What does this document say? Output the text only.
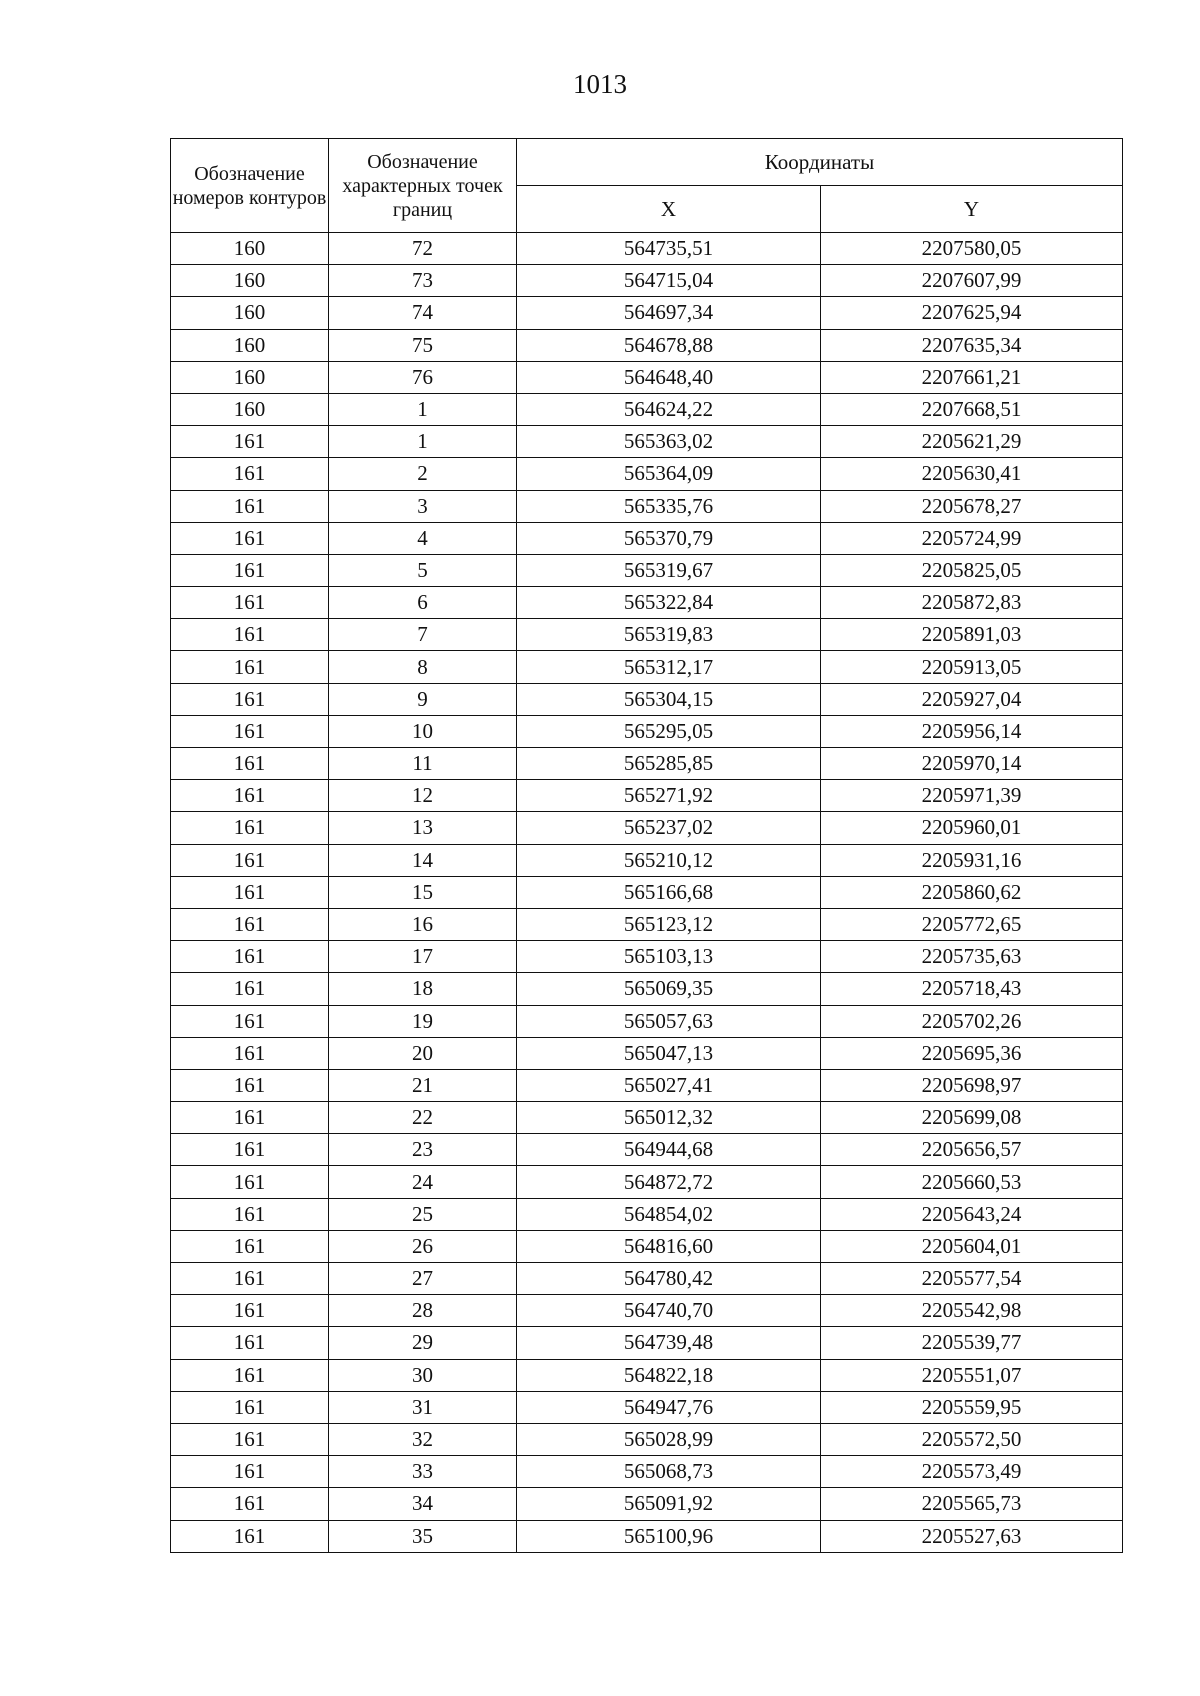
1013
Обозначение номеров контуров	Обозначение характерных точек границ	Координаты	
		X	Y
160	72	564735,51	2207580,05
160	73	564715,04	2207607,99
160	74	564697,34	2207625,94
160	75	564678,88	2207635,34
160	76	564648,40	2207661,21
160	1	564624,22	2207668,51
161	1	565363,02	2205621,29
161	2	565364,09	2205630,41
161	3	565335,76	2205678,27
161	4	565370,79	2205724,99
161	5	565319,67	2205825,05
161	6	565322,84	2205872,83
161	7	565319,83	2205891,03
161	8	565312,17	2205913,05
161	9	565304,15	2205927,04
161	10	565295,05	2205956,14
161	11	565285,85	2205970,14
161	12	565271,92	2205971,39
161	13	565237,02	2205960,01
161	14	565210,12	2205931,16
161	15	565166,68	2205860,62
161	16	565123,12	2205772,65
161	17	565103,13	2205735,63
161	18	565069,35	2205718,43
161	19	565057,63	2205702,26
161	20	565047,13	2205695,36
161	21	565027,41	2205698,97
161	22	565012,32	2205699,08
161	23	564944,68	2205656,57
161	24	564872,72	2205660,53
161	25	564854,02	2205643,24
161	26	564816,60	2205604,01
161	27	564780,42	2205577,54
161	28	564740,70	2205542,98
161	29	564739,48	2205539,77
161	30	564822,18	2205551,07
161	31	564947,76	2205559,95
161	32	565028,99	2205572,50
161	33	565068,73	2205573,49
161	34	565091,92	2205565,73
161	35	565100,96	2205527,63
